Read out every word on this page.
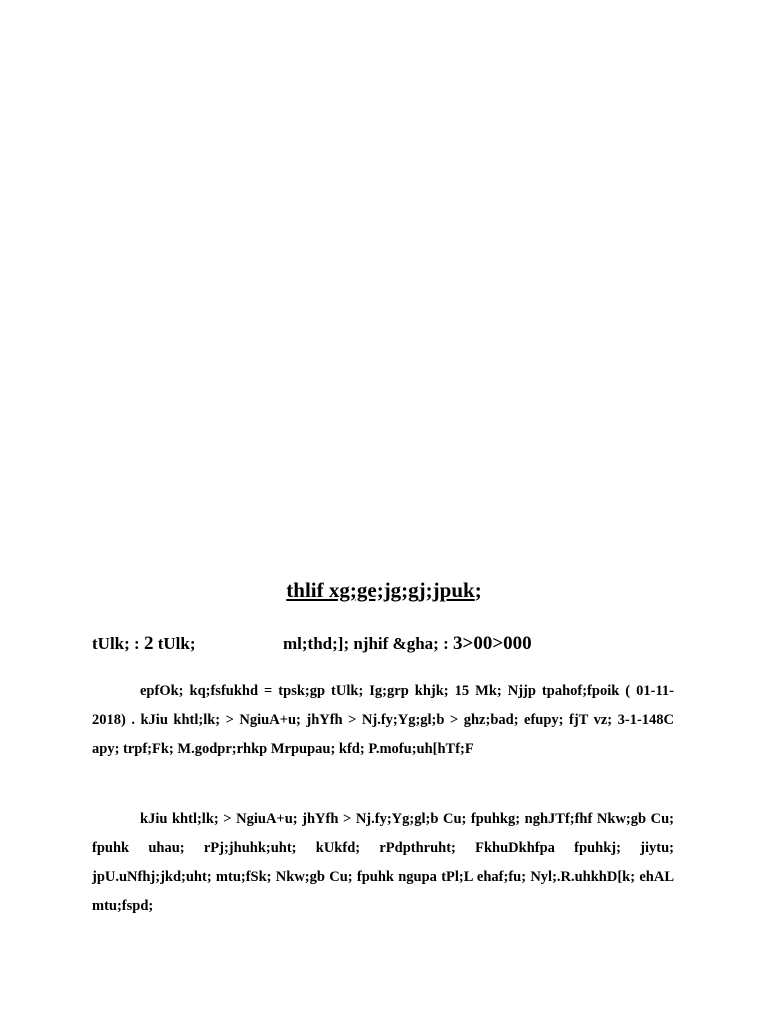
thlif xg;ge;jg;gj;jpuk;
tUlk; : 2 tUlk;	ml;thd;]; njhif &gha; : 3>00>000

epfOk; kq;fsfukhd = tpsk;gp tUlk; Ig;grp khjk; 15 Mk; Njjp tpahof;fpoik ( 01-11-2018) . kJiu khtl;lk; > NgiuA+u; jhYfh > Nj.fy;Yg;gl;b > ghz;bad; efupy; fjT vz; 3-1-148C apy; trpf;Fk; M.godpr;rhkp Mrpupau; kfd; P.mofu;uh[hTf;F

kJiu khtl;lk; > NgiuA+u; jhYfh > Nj.fy;Yg;gl;b Cu; fpuhkg; nghJTf;fhf Nkw;gb Cu; fpuhk uhau; rPj;jhuhk;uht; kUkfd; rPdpthruht; FkhuDkhfpa fpuhkj; jiytu; jpU.uNfhj;jkd;uht; mtu;fSk; Nkw;gb Cu; fpuhk ngupa tPl;L ehaf;fu; Nyl;.R.uhkhD[k; ehAL mtu;fspd;
